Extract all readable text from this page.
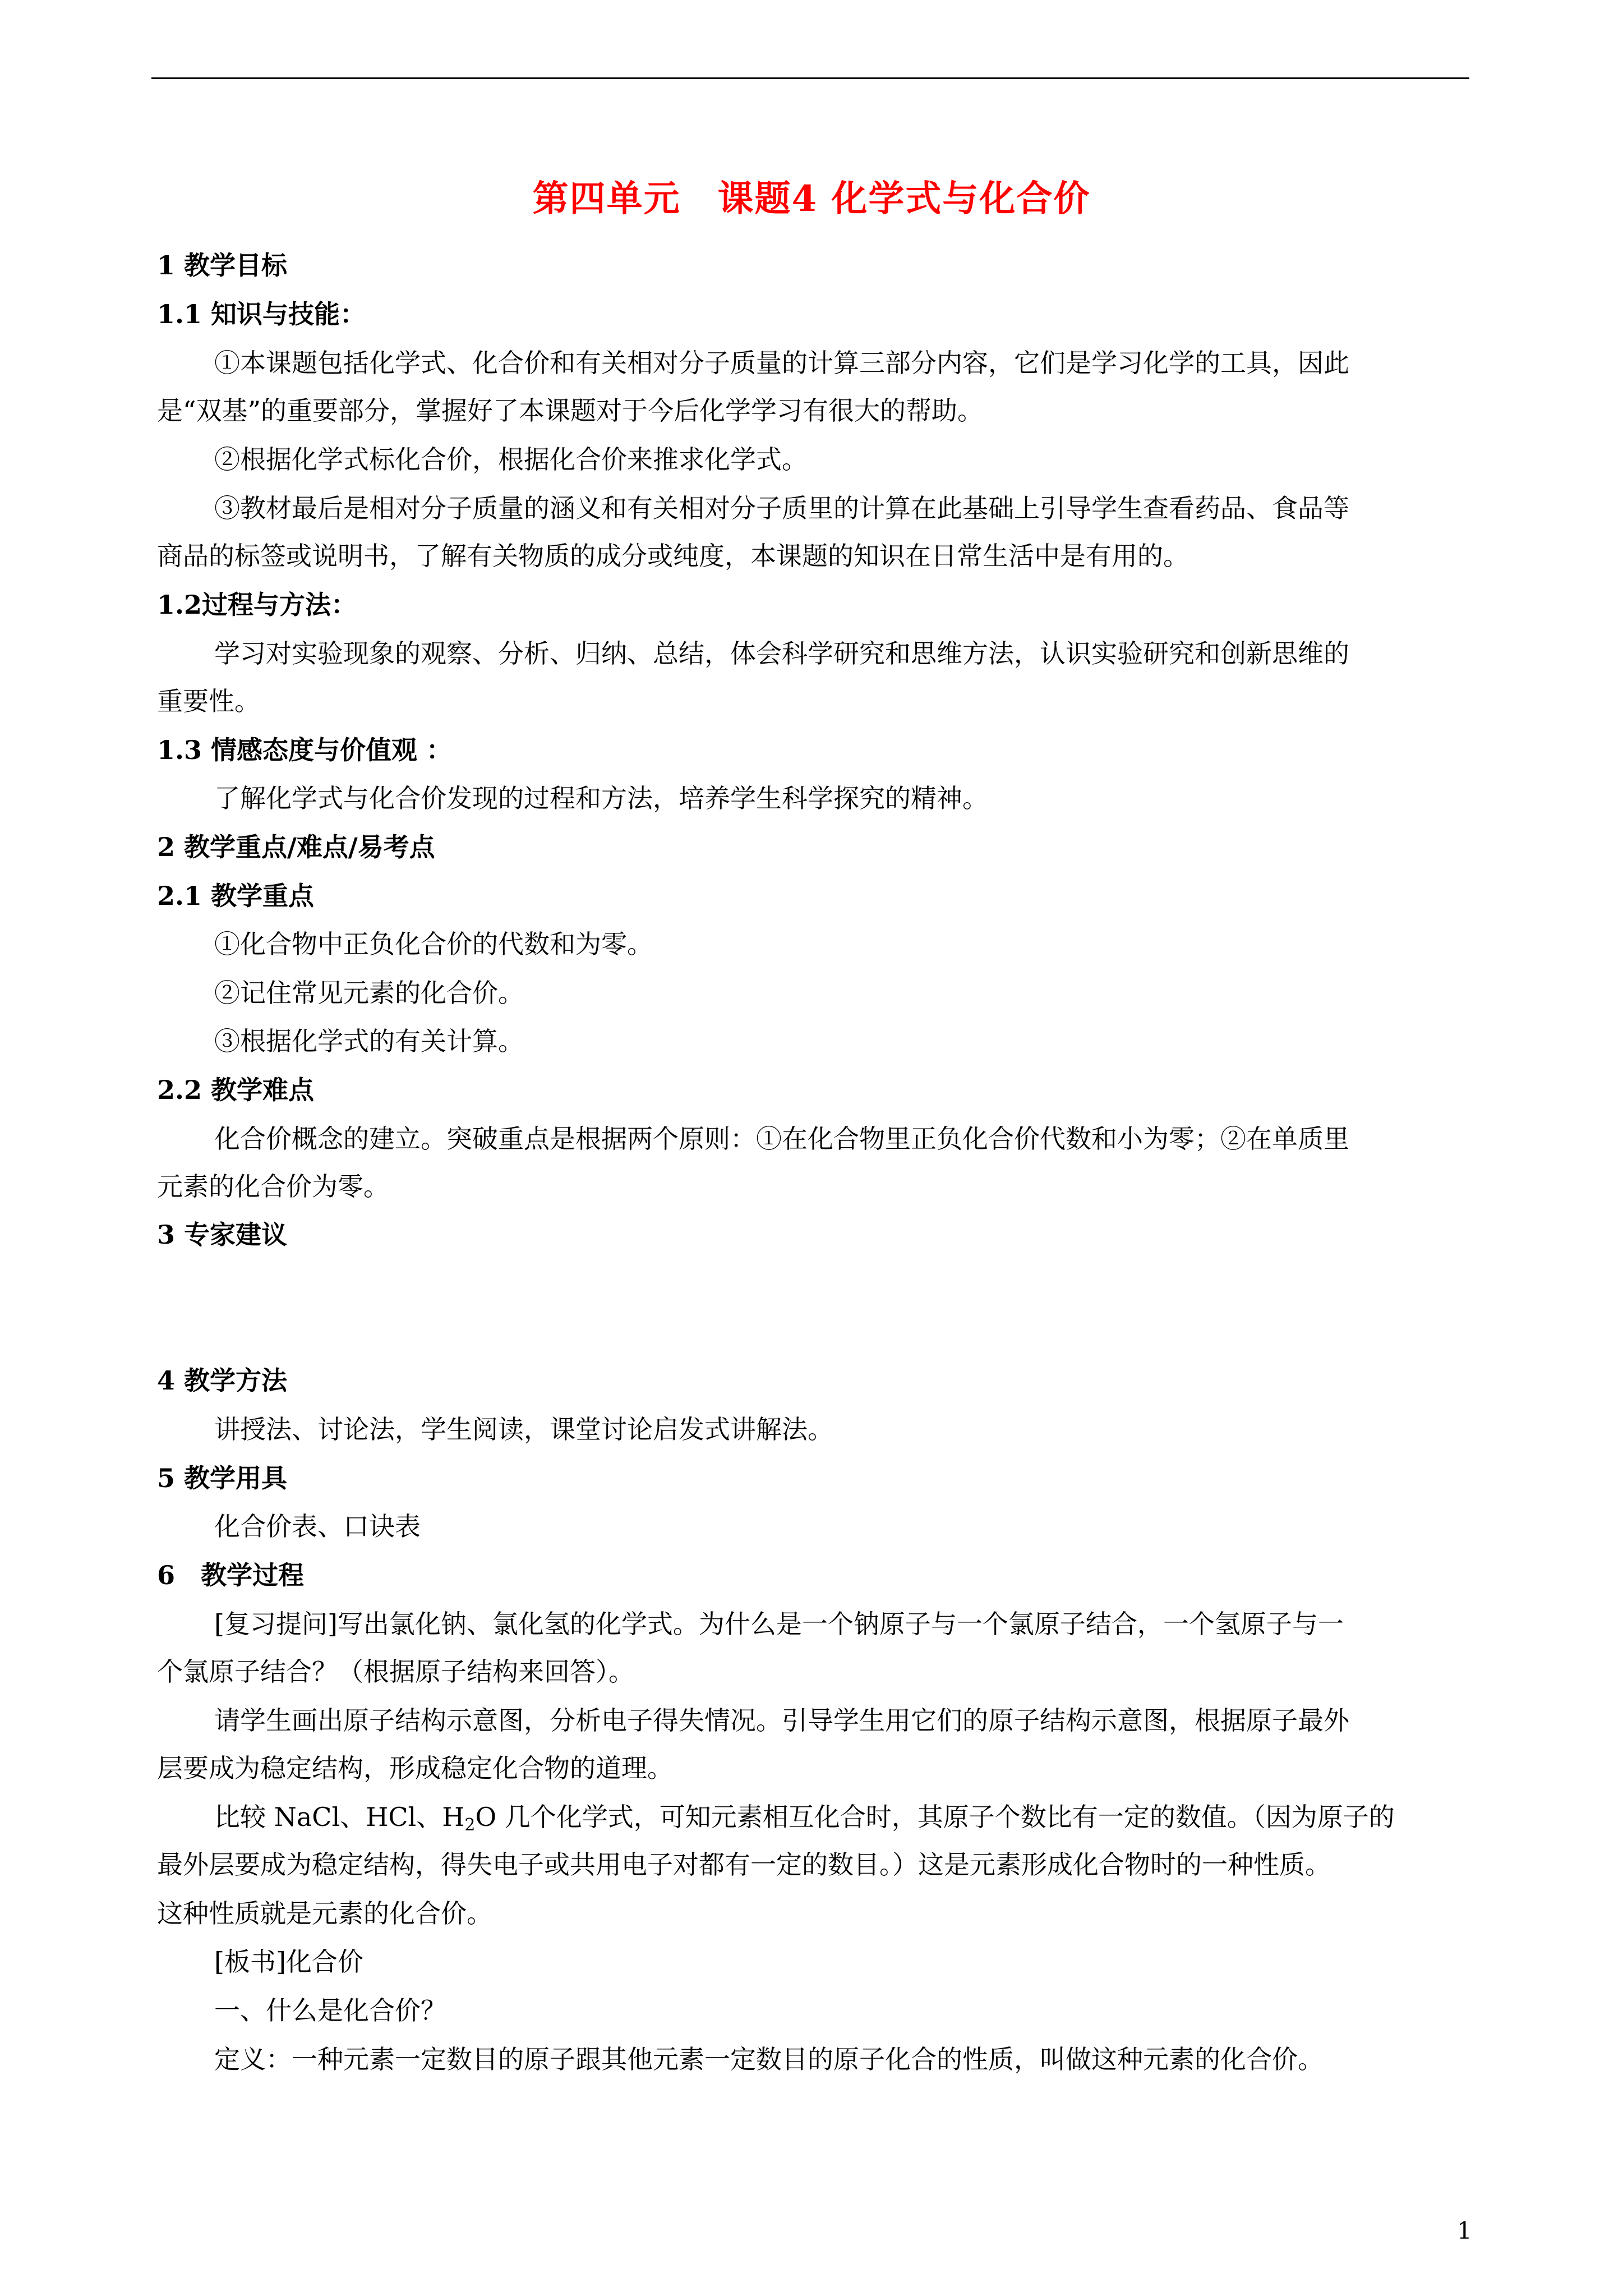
第四单元　课题4 化学式与化合价
1 教学目标
1.1 知识与技能：
①本课题包括化学式、化合价和有关相对分子质量的计算三部分内容，它们是学习化学的工具，因此
是“双基”的重要部分，掌握好了本课题对于今后化学学习有很大的帮助。
②根据化学式标化合价，根据化合价来推求化学式。
③教材最后是相对分子质量的涵义和有关相对分子质里的计算在此基础上引导学生查看药品、食品等
商品的标签或说明书，了解有关物质的成分或纯度，本课题的知识在日常生活中是有用的。
1.2过程与方法：
学习对实验现象的观察、分析、归纳、总结，体会科学研究和思维方法，认识实验研究和创新思维的
重要性。
1.3 情感态度与价值观 ：
了解化学式与化合价发现的过程和方法，培养学生科学探究的精神。
2 教学重点/难点/易考点
2.1 教学重点
①化合物中正负化合价的代数和为零。
②记住常见元素的化合价。
③根据化学式的有关计算。
2.2 教学难点
化合价概念的建立。突破重点是根据两个原则：①在化合物里正负化合价代数和小为零；②在单质里
元素的化合价为零。
3 专家建议
4 教学方法
讲授法、讨论法，学生阅读，课堂讨论启发式讲解法。
5 教学用具
化合价表、口诀表
6　教学过程
[复习提问]写出氯化钠、氯化氢的化学式。为什么是一个钠原子与一个氯原子结合，一个氢原子与一
个氯原子结合？（根据原子结构来回答）。
请学生画出原子结构示意图，分析电子得失情况。引导学生用它们的原子结构示意图，根据原子最外
层要成为稳定结构，形成稳定化合物的道理。
比较 NaCl、HCl、$H_2O$ 几个化学式，可知元素相互化合时，其原子个数比有一定的数值。（因为原子的
最外层要成为稳定结构，得失电子或共用电子对都有一定的数目。）这是元素形成化合物时的一种性质。
这种性质就是元素的化合价。
[板书]化合价
一、什么是化合价？
定义：一种元素一定数目的原子跟其他元素一定数目的原子化合的性质，叫做这种元素的化合价。
1
